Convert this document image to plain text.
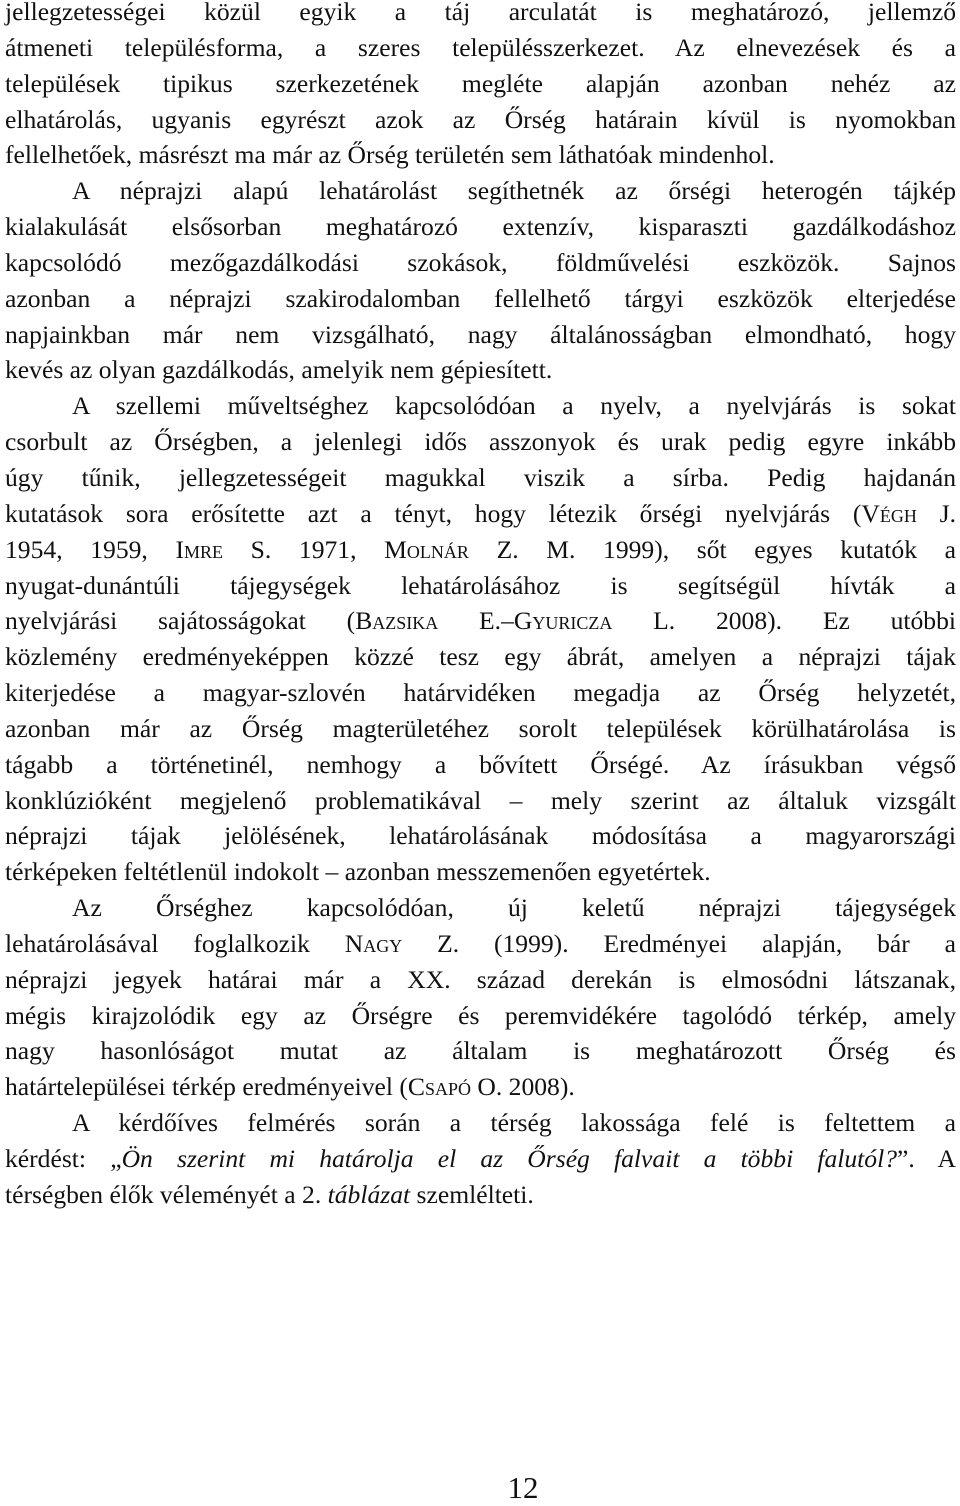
jellegzetességei közül egyik a táj arculatát is meghatározó, jellemző
átmeneti településforma, a szeres településszerkezet. Az elnevezések és a
települések tipikus szerkezetének megléte alapján azonban nehéz az
elhatárolás, ugyanis egyrészt azok az Őrség határain kívül is nyomokban
fellelhetőek, másrészt ma már az Őrség területén sem láthatóak mindenhol.
A néprajzi alapú lehatárolást segíthetnék az őrségi heterogén tájkép
kialakulását elsősorban meghatározó extenzív, kisparaszti gazdálkodáshoz
kapcsolódó mezőgazdálkodási szokások, földművelési eszközök. Sajnos
azonban a néprajzi szakirodalomban fellelhető tárgyi eszközök elterjedése
napjainkban már nem vizsgálható, nagy általánosságban elmondható, hogy
kevés az olyan gazdálkodás, amelyik nem gépiesített.
A szellemi műveltséghez kapcsolódóan a nyelv, a nyelvjárás is sokat
csorbult az Őrségben, a jelenlegi idős asszonyok és urak pedig egyre inkább
úgy tűnik, jellegzetességeit magukkal viszik a sírba. Pedig hajdanán
kutatások sora erősítette azt a tényt, hogy létezik őrségi nyelvjárás (Végh J.
1954, 1959, Imre S. 1971, Molnár Z. M. 1999), sőt egyes kutatók a
nyugat-dunántúli tájegységek lehatárolásához is segítségül hívták a
nyelvjárási sajátosságokat (Bazsika E.–Gyuricza L. 2008). Ez utóbbi
közlemény eredményeképpen közzé tesz egy ábrát, amelyen a néprajzi tájak
kiterjedése a magyar-szlovén határvidéken megadja az Őrség helyzetét,
azonban már az Őrség magterületéhez sorolt települések körülhatárolása is
tágabb a történetinél, nemhogy a bővített Őrségé. Az írásukban végső
konklúzióként megjelenő problematikával – mely szerint az általuk vizsgált
néprajzi tájak jelölésének, lehatárolásának módosítása a magyarországi
térképeken feltétlenül indokolt – azonban messzemenően egyetértek.
Az Őrséghez kapcsolódóan, új keletű néprajzi tájegységek
lehatárolásával foglalkozik Nagy Z. (1999). Eredményei alapján, bár a
néprajzi jegyek határai már a XX. század derekán is elmosódni látszanak,
mégis kirajzolódik egy az Őrségre és peremvidékére tagolódó térkép, amely
nagy hasonlóságot mutat az általam is meghatározott Őrség és
határtelepülései térkép eredményeivel (Csapó O. 2008).
A kérdőíves felmérés során a térség lakossága felé is feltettem a
kérdést: „Ön szerint mi határolja el az Őrség falvait a többi falutól?”. A
térségben élők véleményét a 2. táblázat szemlélteti.
12
